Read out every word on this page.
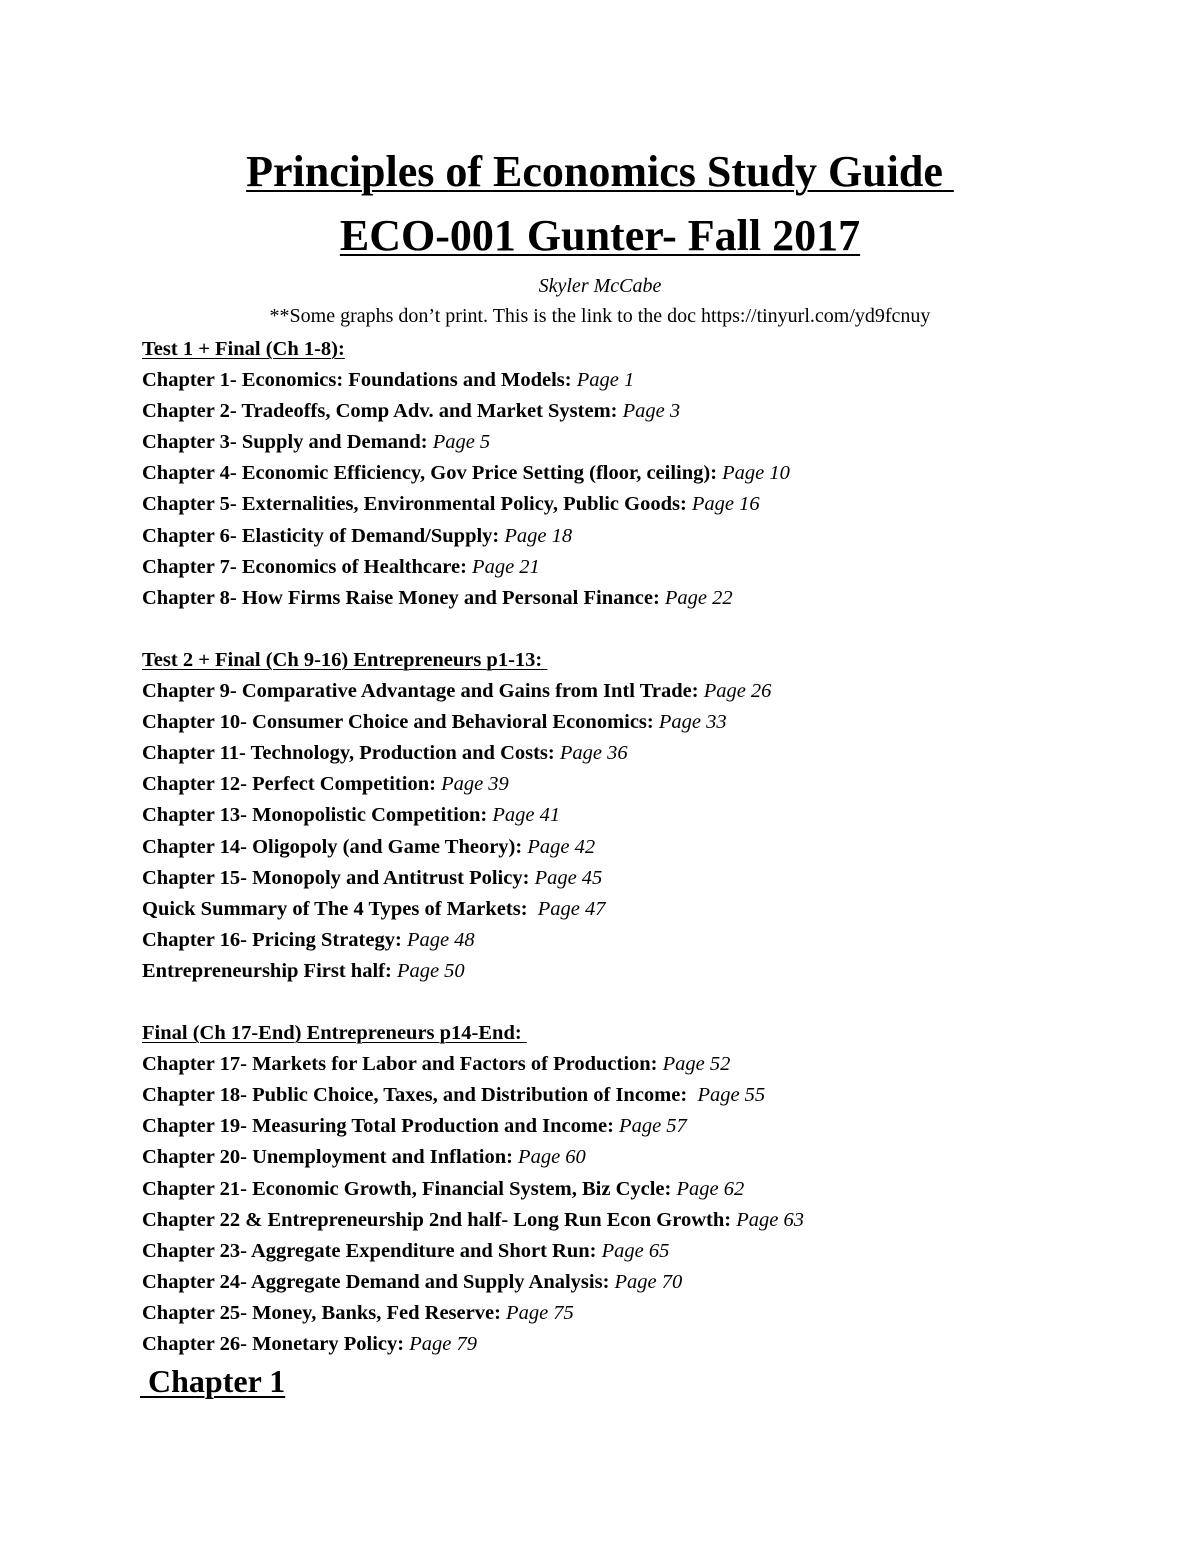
Principles of Economics Study Guide
ECO-001 Gunter- Fall 2017
Skyler McCabe
**Some graphs don’t print. This is the link to the doc https://tinyurl.com/yd9fcnuy
Test 1 + Final (Ch 1-8):
Chapter 1- Economics: Foundations and Models: Page 1
Chapter 2- Tradeoffs, Comp Adv. and Market System: Page 3
Chapter 3- Supply and Demand: Page 5
Chapter 4- Economic Efficiency, Gov Price Setting (floor, ceiling): Page 10
Chapter 5- Externalities, Environmental Policy, Public Goods: Page 16
Chapter 6- Elasticity of Demand/Supply: Page 18
Chapter 7- Economics of Healthcare: Page 21
Chapter 8- How Firms Raise Money and Personal Finance: Page 22
Test 2 + Final (Ch 9-16) Entrepreneurs p1-13:
Chapter 9- Comparative Advantage and Gains from Intl Trade: Page 26
Chapter 10- Consumer Choice and Behavioral Economics: Page 33
Chapter 11- Technology, Production and Costs: Page 36
Chapter 12- Perfect Competition: Page 39
Chapter 13- Monopolistic Competition: Page 41
Chapter 14- Oligopoly (and Game Theory): Page 42
Chapter 15- Monopoly and Antitrust Policy: Page 45
Quick Summary of The 4 Types of Markets:  Page 47
Chapter 16- Pricing Strategy: Page 48
Entrepreneurship First half: Page 50
Final (Ch 17-End) Entrepreneurs p14-End:
Chapter 17- Markets for Labor and Factors of Production: Page 52
Chapter 18- Public Choice, Taxes, and Distribution of Income:  Page 55
Chapter 19- Measuring Total Production and Income: Page 57
Chapter 20- Unemployment and Inflation: Page 60
Chapter 21- Economic Growth, Financial System, Biz Cycle: Page 62
Chapter 22 & Entrepreneurship 2nd half- Long Run Econ Growth: Page 63
Chapter 23- Aggregate Expenditure and Short Run: Page 65
Chapter 24- Aggregate Demand and Supply Analysis: Page 70
Chapter 25- Money, Banks, Fed Reserve: Page 75
Chapter 26- Monetary Policy: Page 79
Chapter 1
